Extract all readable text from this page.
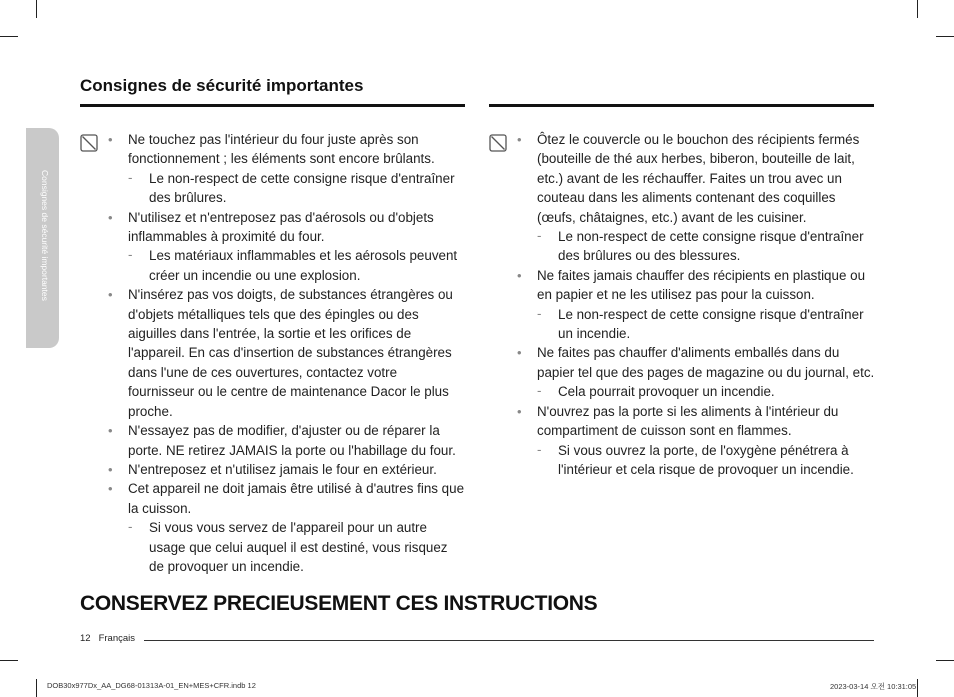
Consignes de sécurité importantes
Consignes de sécurité importantes
• Ne touchez pas l'intérieur du four juste après son fonctionnement ; les éléments sont encore brûlants.
- Le non-respect de cette consigne risque d'entraîner des brûlures.
• N'utilisez et n'entreposez pas d'aérosols ou d'objets inflammables à proximité du four.
- Les matériaux inflammables et les aérosols peuvent créer un incendie ou une explosion.
• N'insérez pas vos doigts, de substances étrangères ou d'objets métalliques tels que des épingles ou des aiguilles dans l'entrée, la sortie et les orifices de l'appareil. En cas d'insertion de substances étrangères dans l'une de ces ouvertures, contactez votre fournisseur ou le centre de maintenance Dacor le plus proche.
• N'essayez pas de modifier, d'ajuster ou de réparer la porte. NE retirez JAMAIS la porte ou l'habillage du four.
• N'entreposez et n'utilisez jamais le four en extérieur.
• Cet appareil ne doit jamais être utilisé à d'autres fins que la cuisson.
- Si vous vous servez de l'appareil pour un autre usage que celui auquel il est destiné, vous risquez de provoquer un incendie.
• Ôtez le couvercle ou le bouchon des récipients fermés (bouteille de thé aux herbes, biberon, bouteille de lait, etc.) avant de les réchauffer. Faites un trou avec un couteau dans les aliments contenant des coquilles (œufs, châtaignes, etc.) avant de les cuisiner.
- Le non-respect de cette consigne risque d'entraîner des brûlures ou des blessures.
• Ne faites jamais chauffer des récipients en plastique ou en papier et ne les utilisez pas pour la cuisson.
- Le non-respect de cette consigne risque d'entraîner un incendie.
• Ne faites pas chauffer d'aliments emballés dans du papier tel que des pages de magazine ou du journal, etc.
- Cela pourrait provoquer un incendie.
• N'ouvrez pas la porte si les aliments à l'intérieur du compartiment de cuisson sont en flammes.
- Si vous ouvrez la porte, de l'oxygène pénétrera à l'intérieur et cela risque de provoquer un incendie.
CONSERVEZ PRECIEUSEMENT CES INSTRUCTIONS
12 Français
DOB30x977Dx_AA_DG68-01313A-01_EN+MES+CFR.indb 12	2023-03-14 오전 10:31:05
